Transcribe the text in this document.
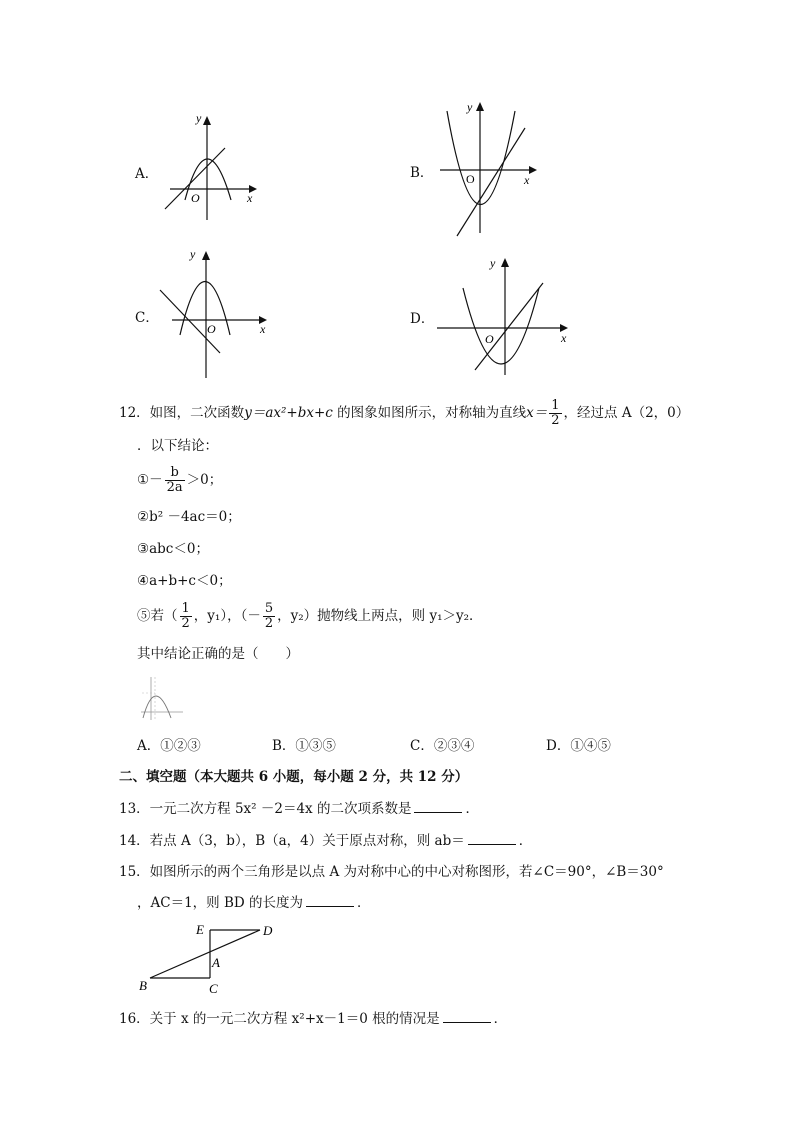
A．
y
x
O
B．
y
x
O
C．
y
x
O
D．
y
x
O
12．如图，二次函数y＝ax²+bx+c 的图象如图所示，对称轴为直线$x= \frac{1}{2}$ ，经过点 A（2，0）
．以下结论：
①－ $\frac{b}{2a} >0$；
②b² －4ac＝0；
③abc＜0；
④a+b+c＜0；
⑤若（ $\frac{1}{2}$ ，y₁），（－ $\frac{5}{2}$ ，y₂）抛物线上两点，则 y₁＞y₂．
其中结论正确的是（　　）
A．①②③	B．①③⑤	C．②③④	D．①④⑤
二、填空题（本大题共 6 小题，每小题 2 分，共 12 分）
13．一元二次方程 5x² －2＝4x 的二次项系数是	．
14．若点 A（3，b），B（a，4）关于原点对称，则 ab＝	．
15．如图所示的两个三角形是以点 A 为对称中心的中心对称图形，若∠C＝90°，∠B＝30°
，AC＝1，则 BD 的长度为	．
E	D
A
B	C
16．关于 x 的一元二次方程 x²+x－1＝0 根的情况是	．
